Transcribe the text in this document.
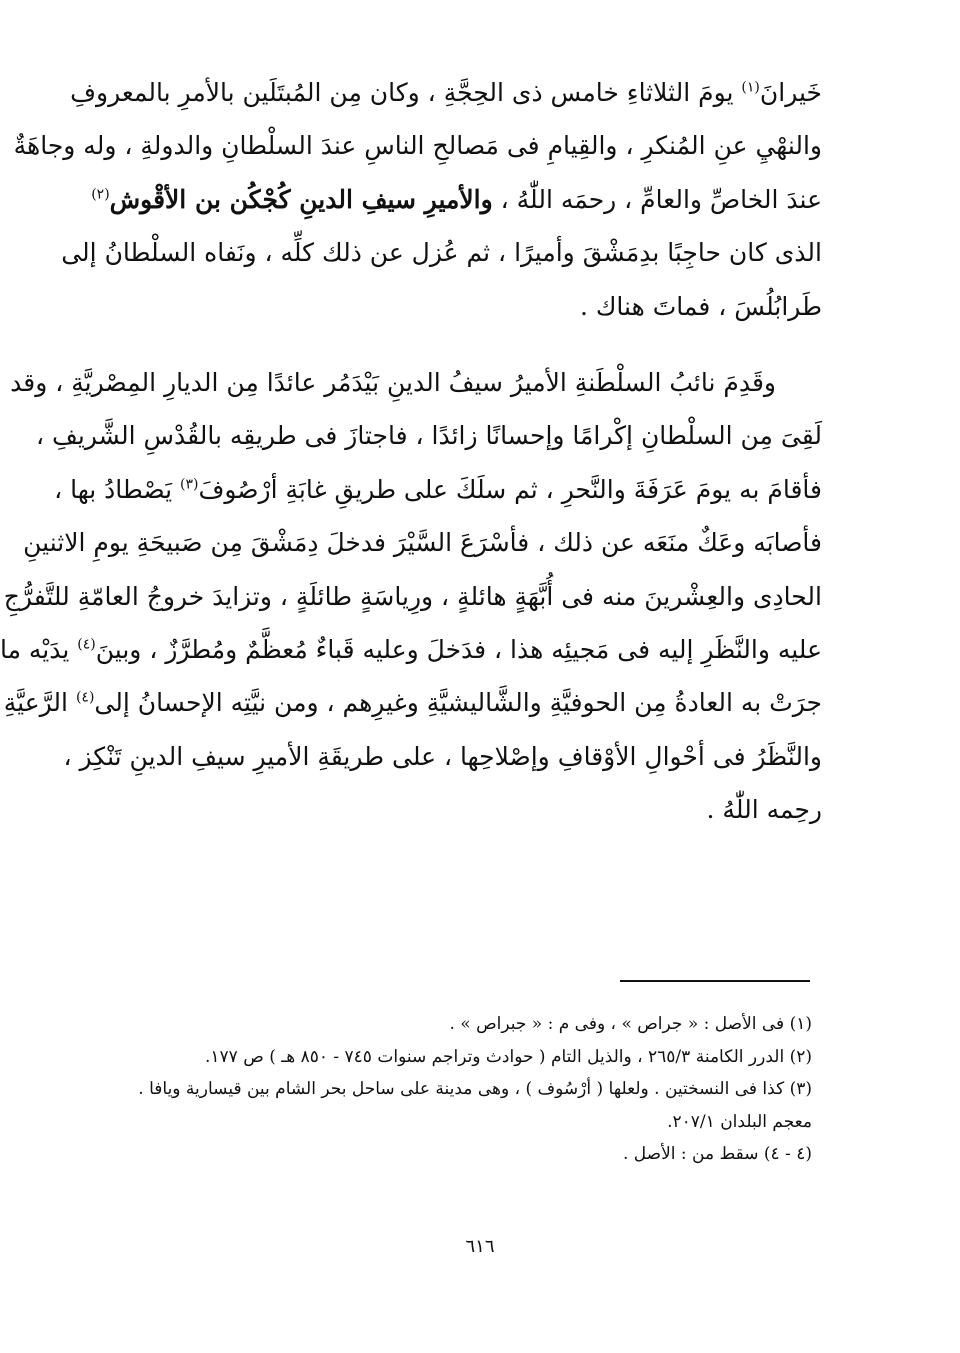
خَيرانَ$^{(١)}$ يومَ الثلاثاءِ خامس ذى الحِجَّةِ ، وكان مِن المُبتَلَين بالأمرِ بالمعروفِ
والنهْيِ عنِ المُنكرِ ، والقِيامِ فى مَصالحِ الناسِ عندَ السلْطانِ والدولةِ ، وله وجاهَةٌ
عندَ الخاصِّ والعامِّ ، رحمَه اللّٰهُ ، والأميرِ سيفِ الدينِ كُجْكُن بن الأقْوش$^{(٢)}$
الذى كان حاجِبًا بدِمَشْقَ وأميرًا ، ثم عُزل عن ذلك كلِّه ، ونَفاه السلْطانُ إلى
طَرابُلُسَ ، فماتَ هناك .
وقَدِمَ نائبُ السلْطَنةِ الأميرُ سيفُ الدينِ بَيْدَمُر عائدًا مِن الديارِ المِصْريَّةِ ، وقد
لَقِىَ مِن السلْطانِ إكْرامًا وإحسانًا زائدًا ، فاجتازَ فى طريقِه بالقُدْسِ الشَّريفِ ،
فأقامَ به يومَ عَرَفَةَ والنَّحرِ ، ثم سلَكَ على طريقِ غابَةِ أرْصُوفَ$^{(٣)}$ يَصْطادُ بها ،
فأصابَه وعَكٌ منَعَه عن ذلك ، فأسْرَعَ السَّيْرَ فدخلَ دِمَشْقَ مِن صَبيحَةِ يومِ الاثنينِ
الحادِى والعِشْرينَ منه فى أُبَّهَةٍ هائلةٍ ، ورِياسَةٍ طائلَةٍ ، وتزايدَ خروجُ العامّةِ للتَّفرُّجِ
عليه والنَّظَرِ إليه فى مَجيئِه هذا ، فدَخلَ وعليه قَباءٌ مُعظَّمٌ ومُطرَّزٌ ، وبينَ$^{(٤)}$ يدَيْه ما
جرَتْ به العادةُ مِن الحوفيَّةِ والشَّاليشيَّةِ وغيرِهم ، ومن نيَّتِه الإحسانُ إلى$^{(٤)}$ الرَّعيَّةِ
والنَّظَرُ فى أحْوالِ الأوْقافِ وإصْلاحِها ، على طريقَةِ الأميرِ سيفِ الدينِ تَنْكِز ،
رحِمه اللّٰهُ .
(١) فى الأصل : « جراص » ، وفى م : « جبراص » .
(٢) الدرر الكامنة ٢٦٥/٣ ، والذيل التام ( حوادث وتراجم سنوات ٧٤٥ - ٨٥٠ هـ ) ص ١٧٧.
(٣) كذا فى النسختين . ولعلها ( أرْسُوف ) ، وهى مدينة على ساحل بحر الشام بين قيسارية ويافا .
معجم البلدان ٢٠٧/١.
(٤ - ٤) سقط من : الأصل .
٦١٦
